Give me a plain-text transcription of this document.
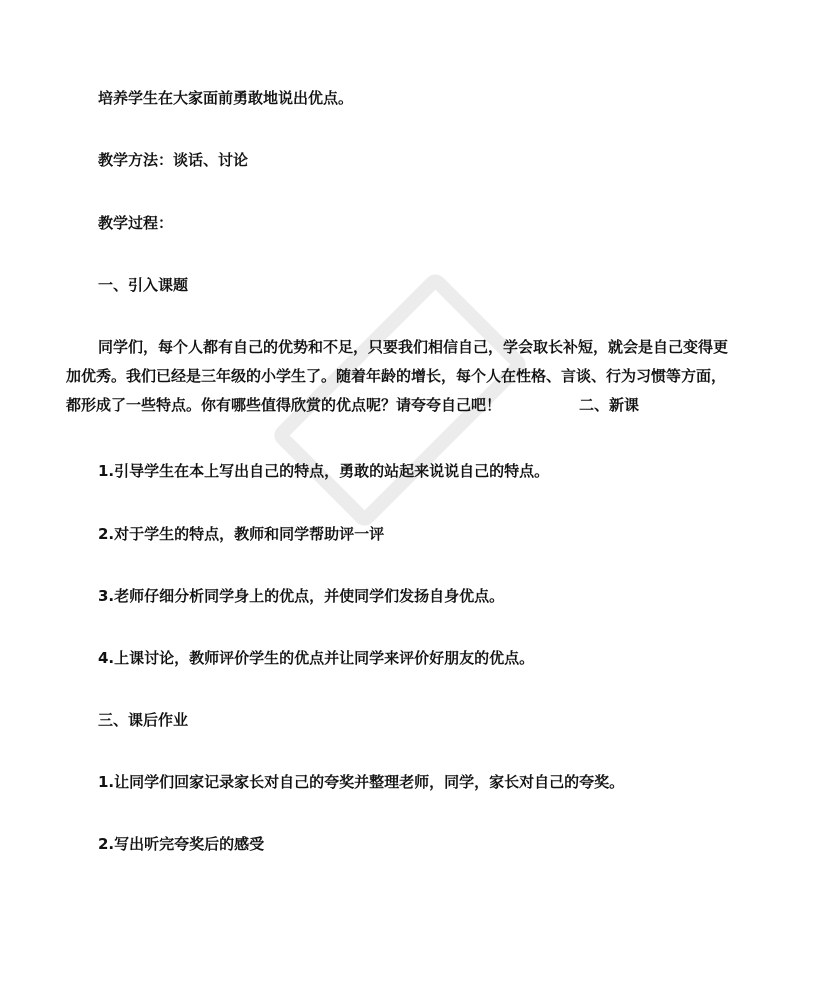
培养学生在大家面前勇敢地说出优点。

教学方法：谈话、讨论

教学过程：

一、引入课题

同学们，每个人都有自己的优势和不足，只要我们相信自己，学会取长补短，就会是自己变得更
加优秀。我们已经是三年级的小学生了。随着年龄的增长，每个人在性格、言谈、行为习惯等方面，
都形成了一些特点。你有哪些值得欣赏的优点呢？请夸夸自己吧！	二、新课

1.引导学生在本上写出自己的特点，勇敢的站起来说说自己的特点。

2.对于学生的特点，教师和同学帮助评一评

3.老师仔细分析同学身上的优点，并使同学们发扬自身优点。

4.上课讨论，教师评价学生的优点并让同学来评价好朋友的优点。

三、课后作业

1.让同学们回家记录家长对自己的夸奖并整理老师，同学，家长对自己的夸奖。

2.写出听完夸奖后的感受
